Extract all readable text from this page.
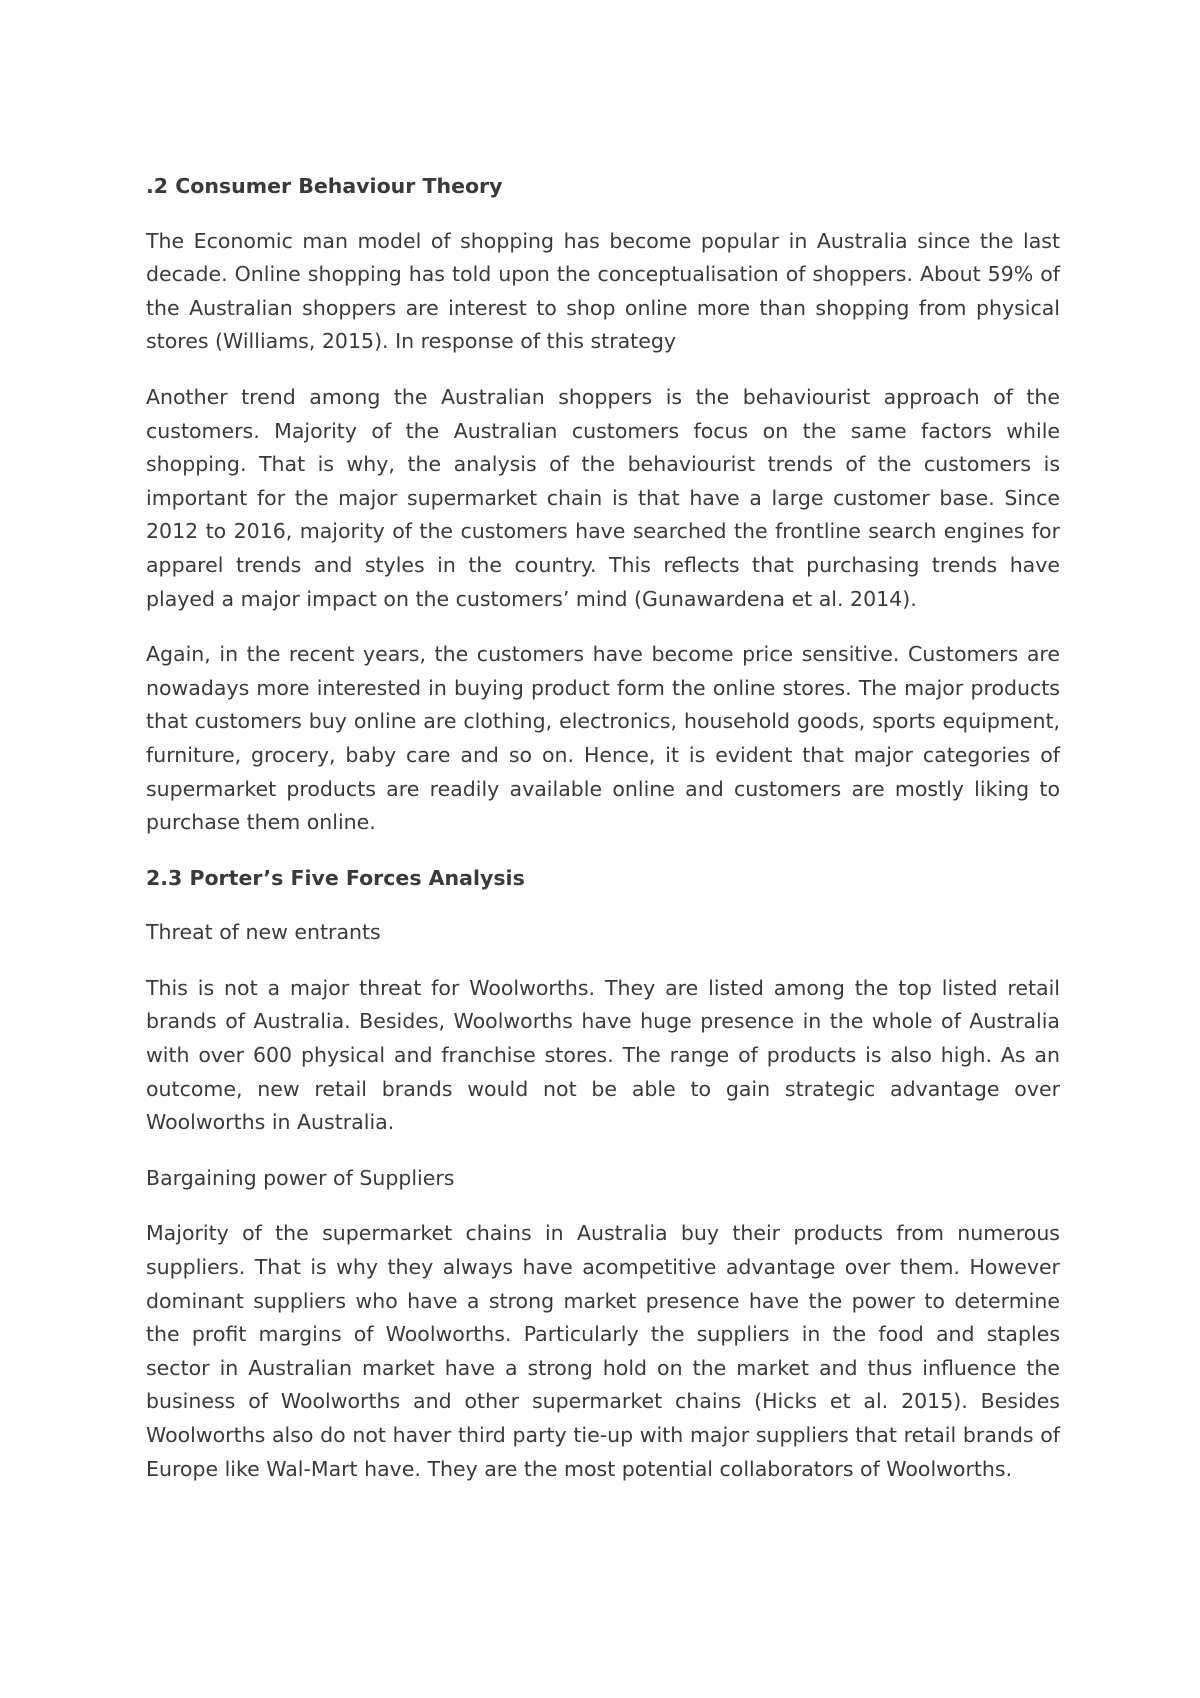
.2 Consumer Behaviour Theory

The Economic man model of shopping has become popular in Australia since the last decade. Online shopping has told upon the conceptualisation of shoppers. About 59% of the Australian shoppers are interest to shop online more than shopping from physical stores (Williams, 2015). In response of this strategy

Another trend among the Australian shoppers is the behaviourist approach of the customers. Majority of the Australian customers focus on the same factors while shopping. That is why, the analysis of the behaviourist trends of the customers is important for the major supermarket chain is that have a large customer base. Since 2012 to 2016, majority of the customers have searched the frontline search engines for apparel trends and styles in the country. This reflects that purchasing trends have played a major impact on the customers’ mind (Gunawardena et al. 2014).

Again, in the recent years, the customers have become price sensitive. Customers are nowadays more interested in buying product form the online stores. The major products that customers buy online are clothing, electronics, household goods, sports equipment, furniture, grocery, baby care and so on. Hence, it is evident that major categories of supermarket products are readily available online and customers are mostly liking to purchase them online.

2.3 Porter’s Five Forces Analysis
Threat of new entrants

This is not a major threat for Woolworths. They are listed among the top listed retail brands of Australia. Besides, Woolworths have huge presence in the whole of Australia with over 600 physical and franchise stores. The range of products is also high. As an outcome, new retail brands would not be able to gain strategic advantage over Woolworths in Australia.

Bargaining power of Suppliers

Majority of the supermarket chains in Australia buy their products from numerous suppliers. That is why they always have acompetitive advantage over them. However dominant suppliers who have a strong market presence have the power to determine the profit margins of Woolworths. Particularly the suppliers in the food and staples sector in Australian market have a strong hold on the market and thus influence the business of Woolworths and other supermarket chains (Hicks et al. 2015). Besides Woolworths also do not haver third party tie-up with major suppliers that retail brands of Europe like Wal-Mart have. They are the most potential collaborators of Woolworths.
